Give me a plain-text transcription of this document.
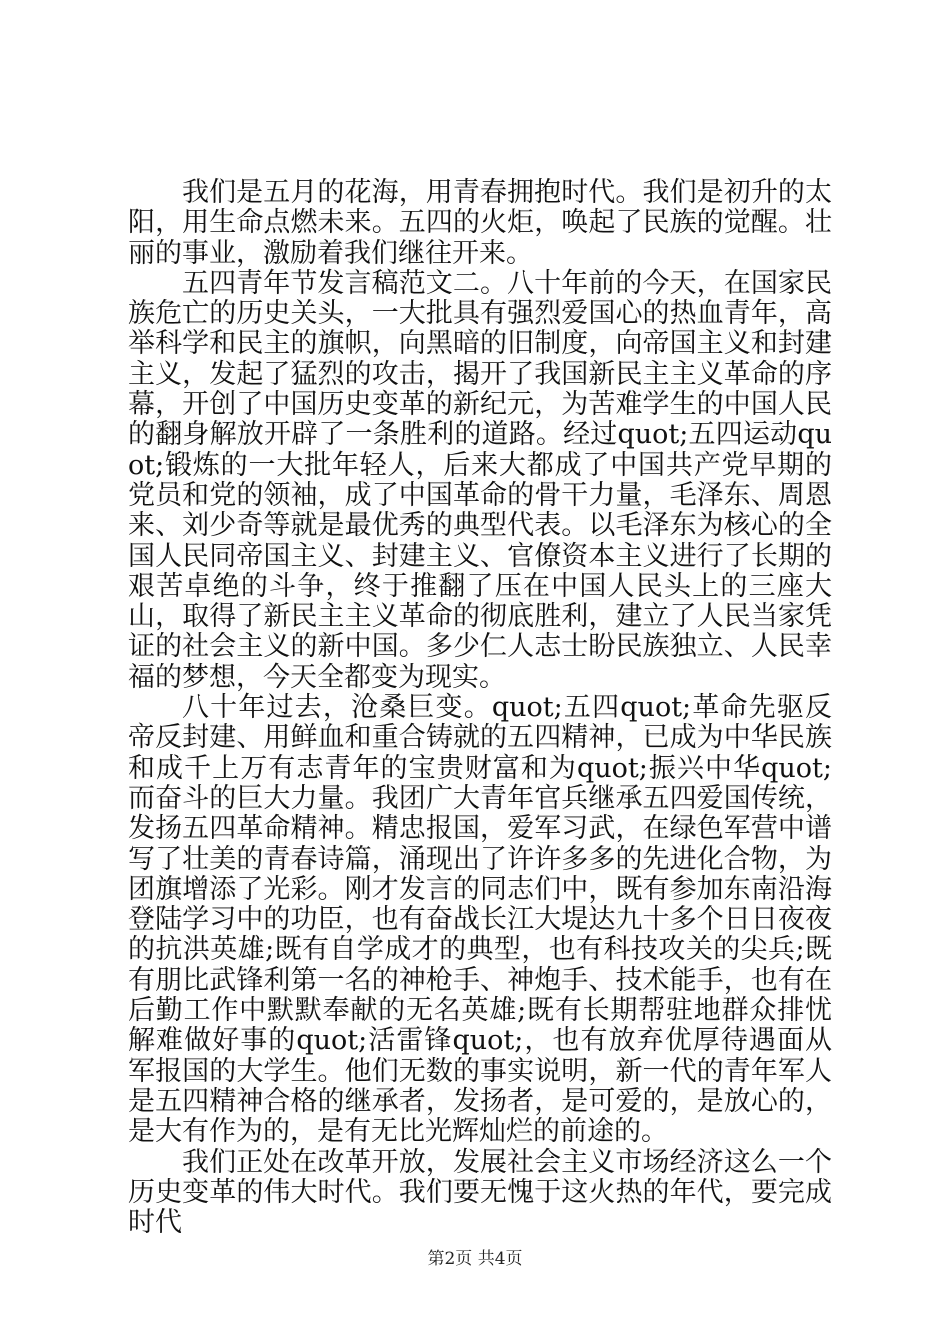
我们是五月的花海，用青春拥抱时代。我们是初升的太阳，用生命点燃未来。五四的火炬，唤起了民族的觉醒。壮丽的事业，激励着我们继往开来。

五四青年节发言稿范文二。八十年前的今天，在国家民族危亡的历史关头，一大批具有强烈爱国心的热血青年，高举科学和民主的旗帜，向黑暗的旧制度，向帝国主义和封建主义，发起了猛烈的攻击，揭开了我国新民主主义革命的序幕，开创了中国历史变革的新纪元，为苦难学生的中国人民的翻身解放开辟了一条胜利的道路。经过quot;五四运动quot;锻炼的一大批年轻人，后来大都成了中国共产党早期的党员和党的领袖，成了中国革命的骨干力量，毛泽东、周恩来、刘少奇等就是最优秀的典型代表。以毛泽东为核心的全国人民同帝国主义、封建主义、官僚资本主义进行了长期的艰苦卓绝的斗争，终于推翻了压在中国人民头上的三座大山，取得了新民主主义革命的彻底胜利，建立了人民当家凭证的社会主义的新中国。多少仁人志士盼民族独立、人民幸福的梦想，今天全都变为现实。

八十年过去，沧桑巨变。quot;五四quot;革命先驱反帝反封建、用鲜血和重合铸就的五四精神，已成为中华民族和成千上万有志青年的宝贵财富和为quot;振兴中华quot;而奋斗的巨大力量。我团广大青年官兵继承五四爱国传统，发扬五四革命精神。精忠报国，爱军习武，在绿色军营中谱写了壮美的青春诗篇，涌现出了许许多多的先进化合物，为团旗增添了光彩。刚才发言的同志们中，既有参加东南沿海登陆学习中的功臣，也有奋战长江大堤达九十多个日日夜夜的抗洪英雄;既有自学成才的典型，也有科技攻关的尖兵;既有朋比武锋利第一名的神枪手、神炮手、技术能手，也有在后勤工作中默默奉献的无名英雄;既有长期帮驻地群众排忧解难做好事的quot;活雷锋quot;，也有放弃优厚待遇面从军报国的大学生。他们无数的事实说明，新一代的青年军人是五四精神合格的继承者，发扬者，是可爱的，是放心的，是大有作为的，是有无比光辉灿烂的前途的。

我们正处在改革开放，发展社会主义市场经济这么一个历史变革的伟大时代。我们要无愧于这火热的年代，要完成时代

第2页 共4页
